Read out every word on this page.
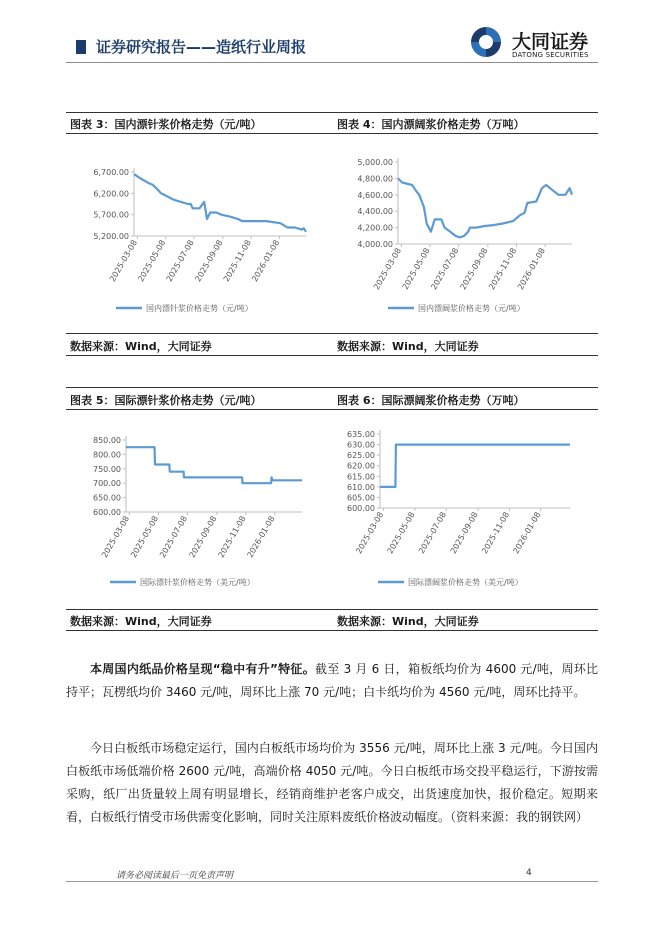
证券研究报告——造纸行业周报	大同证券
DATONG SECURITIES
图表 3：国内漂针浆价格走势（元/吨）	图表 4：国内漂阔浆价格走势（万吨）
5,200.00
5,700.00
6,200.00
6,700.00
2025-03-08
2025-05-08
2025-07-08
2025-09-08
2025-11-08
2026-01-08
国内漂针浆价格走势（元/吨）
4,000.00
4,200.00
4,400.00
4,600.00
4,800.00
5,000.00
2025-03-08
2025-05-08
2025-07-08
2025-09-08
2025-11-08
2026-01-08
国内漂阔浆价格走势（元/吨）
数据来源：Wind，大同证券	数据来源：Wind，大同证券
图表 5：国际漂针浆价格走势（元/吨）	图表 6：国际漂阔浆价格走势（万吨）
600.00
650.00
700.00
750.00
800.00
850.00
2025-03-08
2025-05-08
2025-07-08
2025-09-08
2025-11-08
2026-01-08
国际漂针浆价格走势（美元/吨）
600.00
605.00
610.00
615.00
620.00
625.00
630.00
635.00
2025-03-08 2025-05-08 2025-07-08 2025-09-08 2025-11-08 2026-01-08
国际漂阔浆价格走势（美元/吨）
数据来源：Wind，大同证券	数据来源：Wind，大同证券
本周国内纸品价格呈现“稳中有升”特征。截至 3 月 6 日，箱板纸均价为 4600 元/吨，周环比持平；瓦楞纸均价 3460 元/吨，周环比上涨 70 元/吨；白卡纸均价为 4560 元/吨，周环比持平。
今日白板纸市场稳定运行，国内白板纸市场均价为 3556 元/吨，周环比上涨 3 元/吨。今日国内白板纸市场低端价格 2600 元/吨，高端价格 4050 元/吨。今日白板纸市场交投平稳运行，下游按需采购，纸厂出货量较上周有明显增长，经销商维护老客户成交，出货速度加快，报价稳定。短期来看，白板纸行情受市场供需变化影响，同时关注原料废纸价格波动幅度。（资料来源：我的钢铁网）
请务必阅读最后一页免责声明	4
